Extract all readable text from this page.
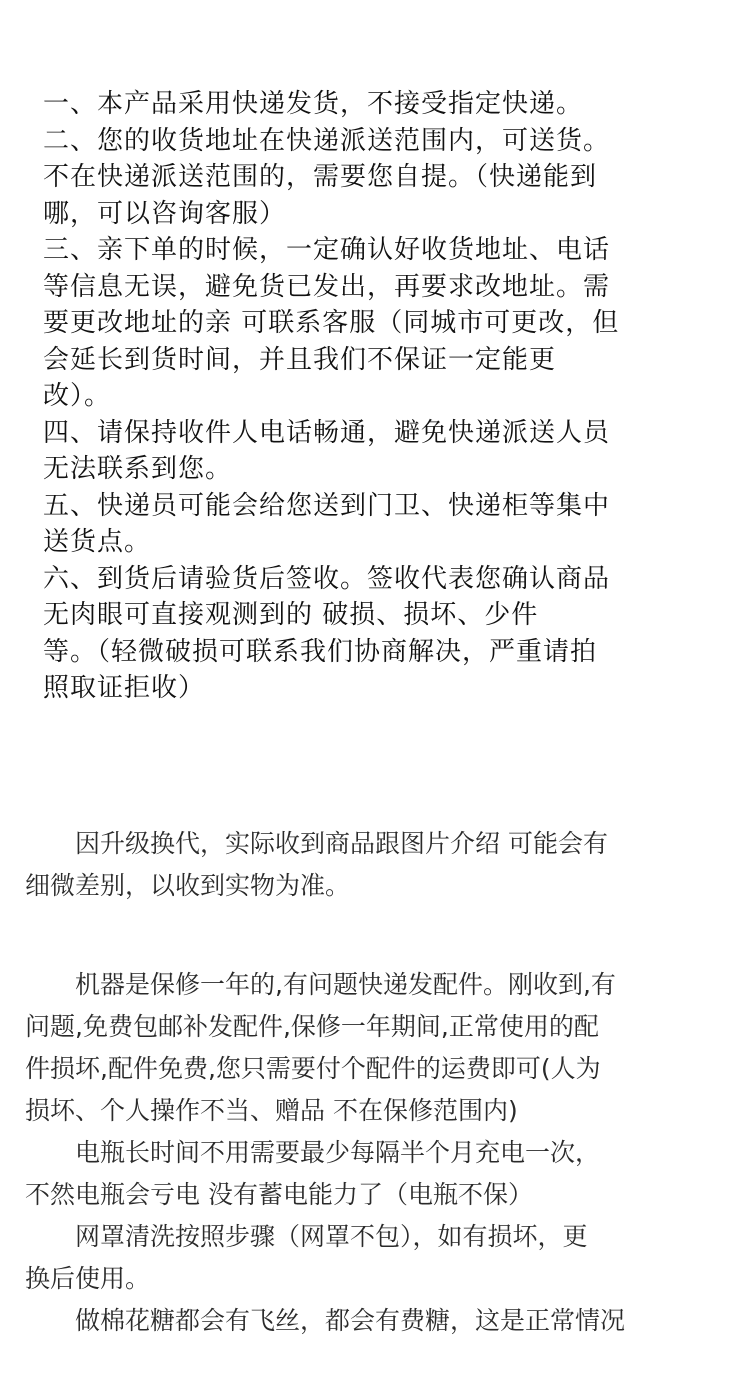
一、本产品采用快递发货，不接受指定快递。
二、您的收货地址在快递派送范围内，可送货。
不在快递派送范围的，需要您自提。（快递能到
哪，可以咨询客服）
三、亲下单的时候，一定确认好收货地址、电话
等信息无误，避免货已发出，再要求改地址。需
要更改地址的亲 可联系客服（同城市可更改，但
会延长到货时间，并且我们不保证一定能更
改）。
四、请保持收件人电话畅通，避免快递派送人员
无法联系到您。
五、快递员可能会给您送到门卫、快递柜等集中
送货点。
六、到货后请验货后签收。签收代表您确认商品
无肉眼可直接观测到的 破损、损坏、少件
等。（轻微破损可联系我们协商解决，严重请拍
照取证拒收）
　　因升级换代，实际收到商品跟图片介绍 可能会有
细微差别，以收到实物为准。
　　机器是保修一年的,有问题快递发配件。刚收到,有
问题,免费包邮补发配件,保修一年期间,正常使用的配
件损坏,配件免费,您只需要付个配件的运费即可(人为
损坏、个人操作不当、赠品 不在保修范围内)
　　电瓶长时间不用需要最少每隔半个月充电一次，
不然电瓶会亏电 没有蓄电能力了（电瓶不保）
　　网罩清洗按照步骤（网罩不包），如有损坏，更
换后使用。
　　做棉花糖都会有飞丝，都会有费糖，这是正常情况
